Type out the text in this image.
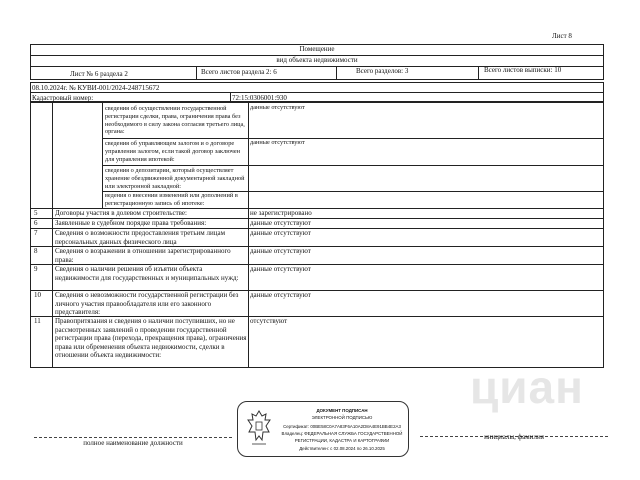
Лист 8
Помещение
вид объекта недвижимости
Лист № 6 раздела 2	Всего листов раздела 2: 6	Всего разделов: 3	Всего листов выписки: 10
08.10.2024г. № КУВИ-001/2024-248715672
Кадастровый номер:	72:15:0306001:930
сведения об осуществлении государственной регистрации сделки, права, ограничения права без необходимого в силу закона согласия третьего лица, органа:
данные отсутствуют
сведения об управляющем залогом и о договоре управления залогом, если такой договор заключен для управления ипотекой:
данные отсутствуют
сведения о депозитарии, который осуществляет хранение обездвиженной документарной закладной или электронной закладной:
ведения о внесении изменений или дополнений в регистрационную запись об ипотеке:
5	Договоры участия в долевом строительстве:	не зарегистрировано
6	Заявленные в судебном порядке права требования:	данные отсутствуют
7	Сведения о возможности предоставления третьим лицам персональных данных физического лица
данные отсутствуют
8	Сведения о возражении в отношении зарегистрированного права:
данные отсутствуют
9	Сведения о наличии решения об изъятии объекта недвижимости для государственных и муниципальных нужд:
данные отсутствуют
10 Сведения о невозможности государственной регистрации без личного участия правообладателя или его законного представителя:
данные отсутствуют
11 Правопритязания и сведения о наличии поступивших, но не рассмотренных заявлений о проведении государственной регистрации права (перехода, прекращения права), ограничения права или обременения объекта недвижимости, сделки в отношении объекта недвижимости:
отсутствуют
циан
полное наименование должности
инициалы, фамилия
ДОКУМЕНТ ПОДПИСАН
ЭЛЕКТРОННОЙ ПОДПИСЬЮ
Сертификат: 00BE58C0A7A83F6A10A2D8A4E91BB4E2A3
Владелец: ФЕДЕРАЛЬНАЯ СЛУЖБА ГОСУДАРСТВЕННОЙ
РЕГИСТРАЦИИ, КАДАСТРА И КАРТОГРАФИИ
Действителен: с 02.08.2024 по 26.10.2025
